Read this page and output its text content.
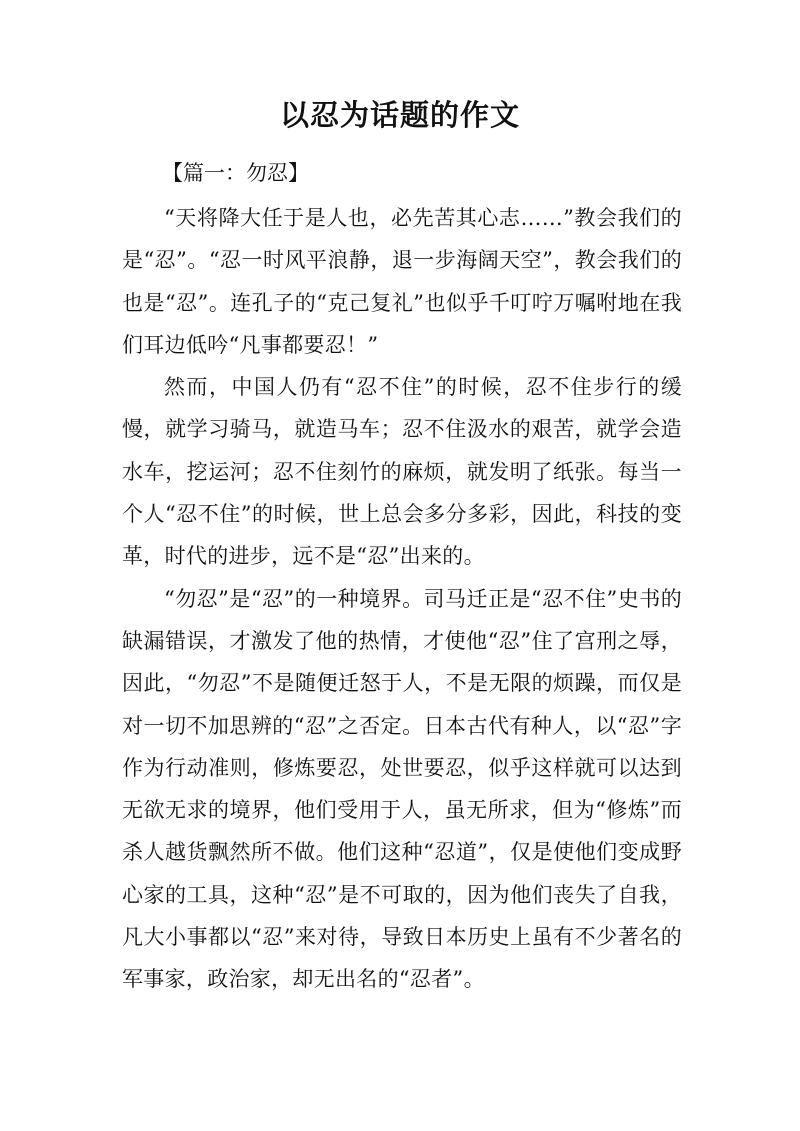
以忍为话题的作文
【篇一：勿忍】

“天将降大任于是人也，必先苦其心志……”教会我们的是“忍”。“忍一时风平浪静，退一步海阔天空”，教会我们的也是“忍”。连孔子的“克己复礼”也似乎千叮咛万嘱咐地在我们耳边低吟“凡事都要忍！”

然而，中国人仍有“忍不住”的时候，忍不住步行的缓慢，就学习骑马，就造马车；忍不住汲水的艰苦，就学会造水车，挖运河；忍不住刻竹的麻烦，就发明了纸张。每当一个人“忍不住”的时候，世上总会多分多彩，因此，科技的变革，时代的进步，远不是“忍”出来的。

“勿忍”是“忍”的一种境界。司马迁正是“忍不住”史书的缺漏错误，才激发了他的热情，才使他“忍”住了宫刑之辱，因此，“勿忍”不是随便迁怒于人，不是无限的烦躁，而仅是对一切不加思辨的“忍”之否定。日本古代有种人，以“忍”字作为行动准则，修炼要忍，处世要忍，似乎这样就可以达到无欲无求的境界，他们受用于人，虽无所求，但为“修炼”而杀人越货飘然所不做。他们这种“忍道”，仅是使他们变成野心家的工具，这种“忍”是不可取的，因为他们丧失了自我，凡大小事都以“忍”来对待，导致日本历史上虽有不少著名的军事家，政治家，却无出名的“忍者”。
